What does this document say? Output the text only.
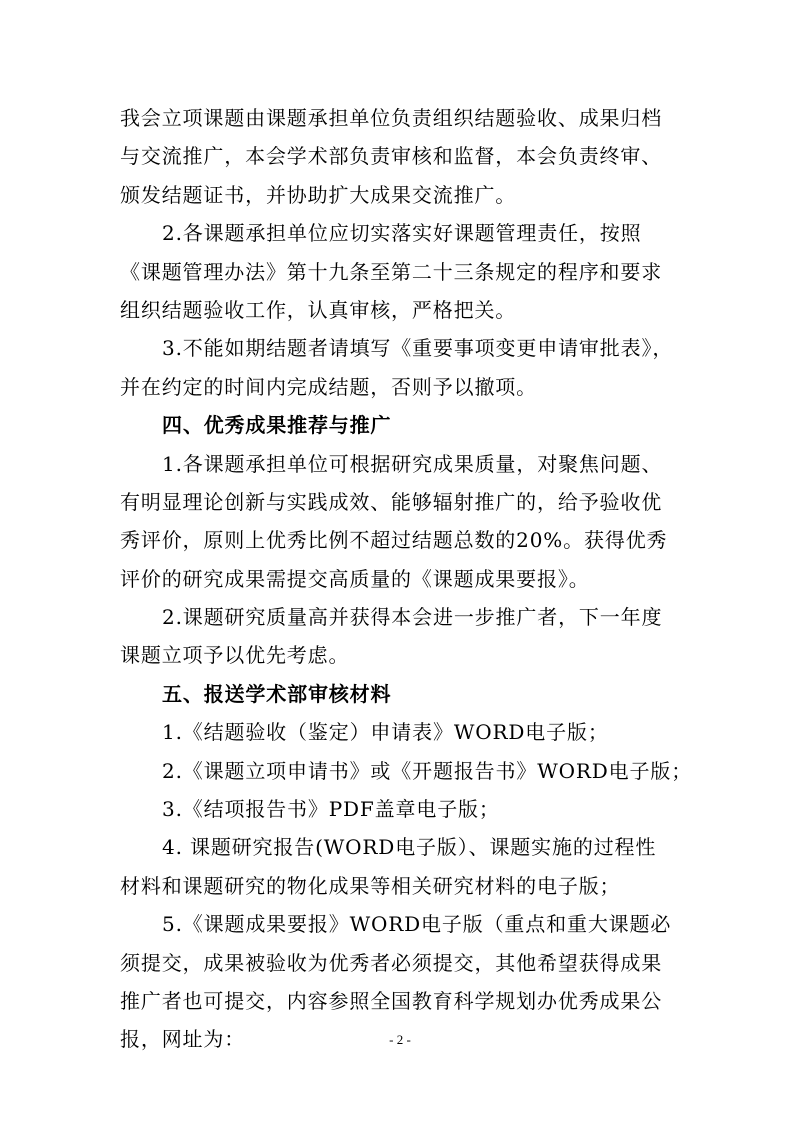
我会立项课题由课题承担单位负责组织结题验收、成果归档
与交流推广，本会学术部负责审核和监督，本会负责终审、
颁发结题证书，并协助扩大成果交流推广。
2.各课题承担单位应切实落实好课题管理责任，按照
《课题管理办法》第十九条至第二十三条规定的程序和要求
组织结题验收工作，认真审核，严格把关。
3.不能如期结题者请填写《重要事项变更申请审批表》，
并在约定的时间内完成结题，否则予以撤项。
四、优秀成果推荐与推广
1.各课题承担单位可根据研究成果质量，对聚焦问题、
有明显理论创新与实践成效、能够辐射推广的，给予验收优
秀评价，原则上优秀比例不超过结题总数的20%。获得优秀
评价的研究成果需提交高质量的《课题成果要报》。
2.课题研究质量高并获得本会进一步推广者，下一年度
课题立项予以优先考虑。
五、报送学术部审核材料
1.《结题验收（鉴定）申请表》WORD电子版；
2.《课题立项申请书》或《开题报告书》WORD电子版；
3.《结项报告书》PDF盖章电子版；
4. 课题研究报告(WORD电子版）、课题实施的过程性
材料和课题研究的物化成果等相关研究材料的电子版；
5.《课题成果要报》WORD电子版（重点和重大课题必
须提交，成果被验收为优秀者必须提交，其他希望获得成果
推广者也可提交，内容参照全国教育科学规划办优秀成果公
报，网址为：	- 2 -
